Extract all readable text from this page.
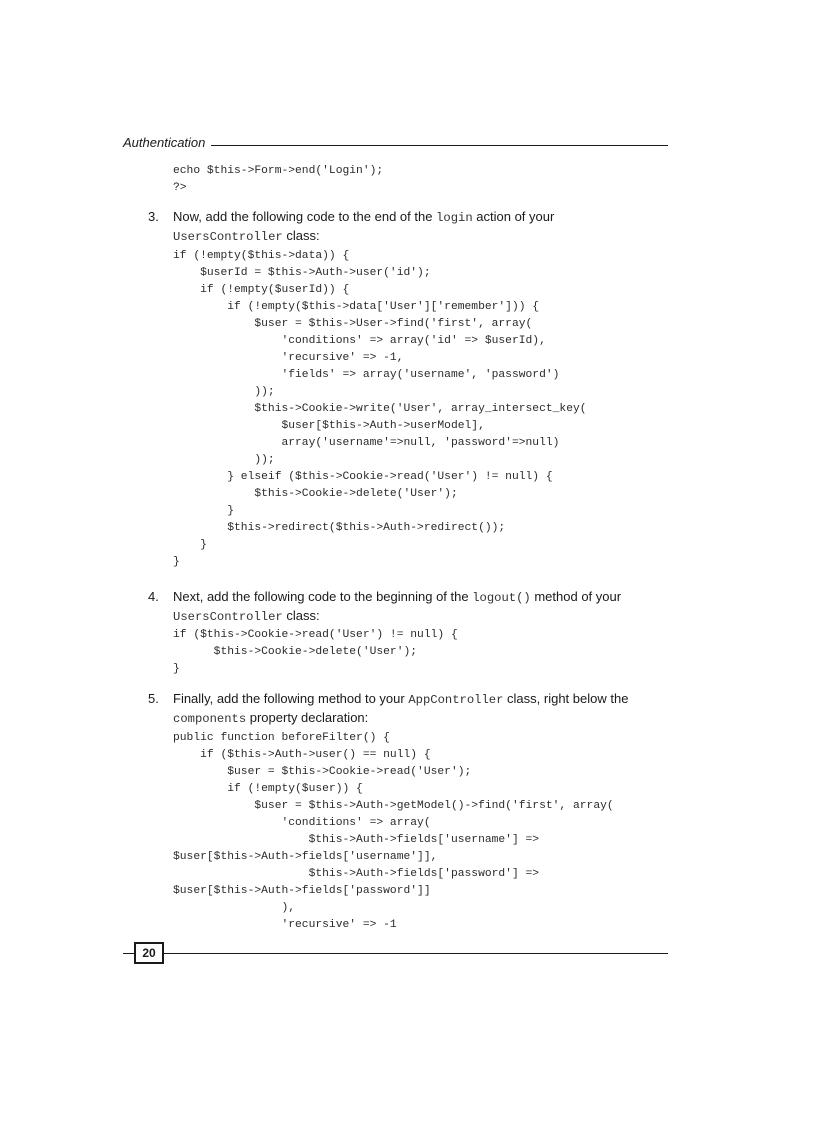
Authentication
echo $this->Form->end('Login');
?>
3. Now, add the following code to the end of the login action of your
UsersController class:
if (!empty($this->data)) {
$userId = $this->Auth->user('id');
if (!empty($userId)) {
if (!empty($this->data['User']['remember'])) {
$user = $this->User->find('first', array(
'conditions' => array('id' => $userId),
'recursive' => -1,
'fields' => array('username', 'password')
));
$this->Cookie->write('User', array_intersect_key(
$user[$this->Auth->userModel],
array('username'=>null, 'password'=>null)
));
} elseif ($this->Cookie->read('User') != null) {
$this->Cookie->delete('User');
}
$this->redirect($this->Auth->redirect());
}
}
4. Next, add the following code to the beginning of the logout() method of your
UsersController class:
if ($this->Cookie->read('User') != null) {
$this->Cookie->delete('User');
}
5. Finally, add the following method to your AppController class, right below the
components property declaration:
public function beforeFilter() {
if ($this->Auth->user() == null) {
$user = $this->Cookie->read('User');
if (!empty($user)) {
$user = $this->Auth->getModel()->find('first', array(
'conditions' => array(
$this->Auth->fields['username'] =>
$user[$this->Auth->fields['username']],
$this->Auth->fields['password'] =>
$user[$this->Auth->fields['password']]
),
'recursive' => -1
20
